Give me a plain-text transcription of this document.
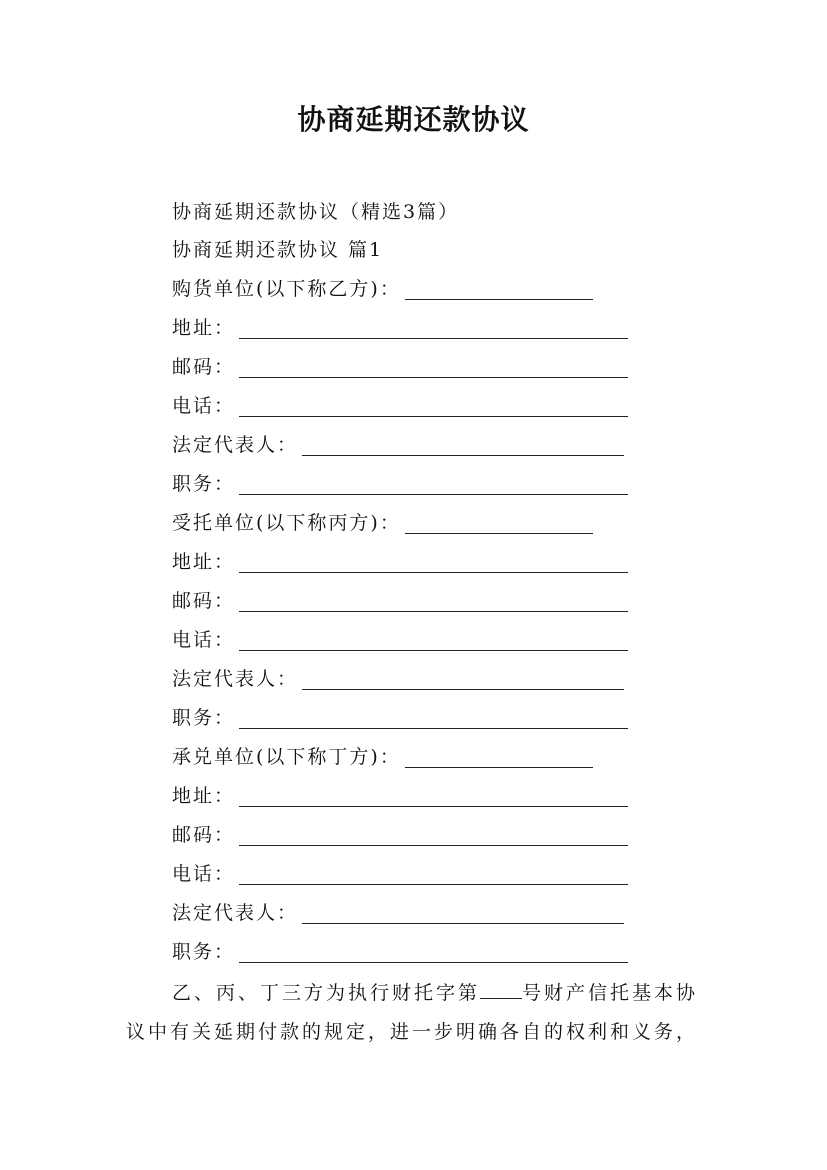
协商延期还款协议
协商延期还款协议（精选3篇）
协商延期还款协议 篇1
购货单位(以下称乙方)：
地址：
邮码：
电话：
法定代表人：
职务：
受托单位(以下称丙方)：
地址：
邮码：
电话：
法定代表人：
职务：
承兑单位(以下称丁方)：
地址：
邮码：
电话：
法定代表人：
职务：
乙、丙、丁三方为执行财托字第 号财产信托基本协
议中有关延期付款的规定，进一步明确各自的权利和义务，
